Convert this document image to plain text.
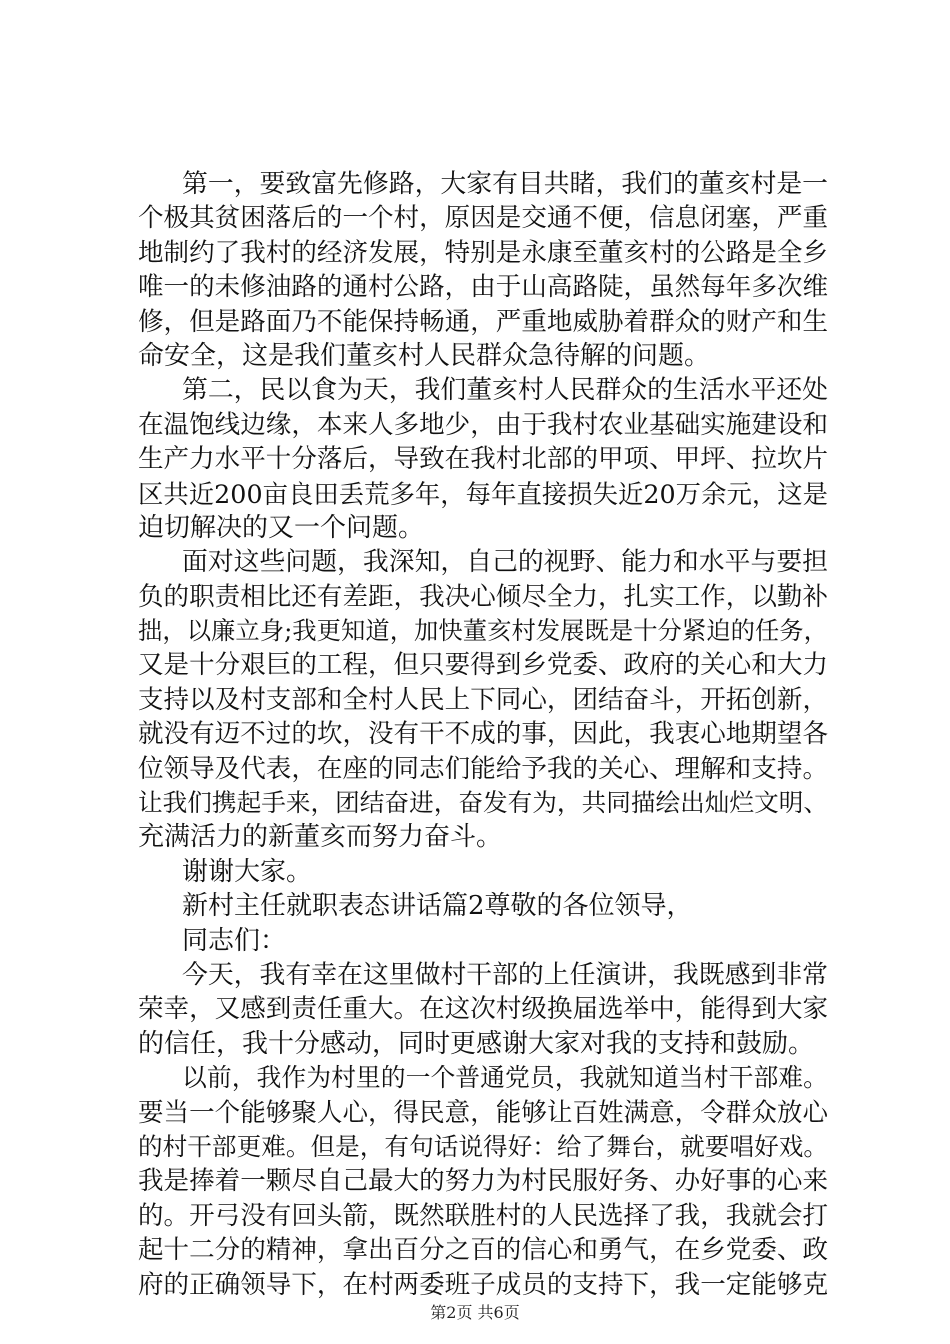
第一，要致富先修路，大家有目共睹，我们的董亥村是一
个极其贫困落后的一个村，原因是交通不便，信息闭塞，严重
地制约了我村的经济发展，特别是永康至董亥村的公路是全乡
唯一的未修油路的通村公路，由于山高路陡，虽然每年多次维
修，但是路面乃不能保持畅通，严重地威胁着群众的财产和生
命安全，这是我们董亥村人民群众急待解的问题。
第二，民以食为天，我们董亥村人民群众的生活水平还处
在温饱线边缘，本来人多地少，由于我村农业基础实施建设和
生产力水平十分落后，导致在我村北部的甲项、甲坪、拉坎片
区共近200亩良田丢荒多年，每年直接损失近20万余元，这是
迫切解决的又一个问题。
面对这些问题，我深知，自己的视野、能力和水平与要担
负的职责相比还有差距，我决心倾尽全力，扎实工作，以勤补
拙，以廉立身;我更知道，加快董亥村发展既是十分紧迫的任务，
又是十分艰巨的工程，但只要得到乡党委、政府的关心和大力
支持以及村支部和全村人民上下同心，团结奋斗，开拓创新，
就没有迈不过的坎，没有干不成的事，因此，我衷心地期望各
位领导及代表，在座的同志们能给予我的关心、理解和支持。
让我们携起手来，团结奋进，奋发有为，共同描绘出灿烂文明、
充满活力的新董亥而努力奋斗。
谢谢大家。
新村主任就职表态讲话篇2尊敬的各位领导，
同志们：
今天，我有幸在这里做村干部的上任演讲，我既感到非常
荣幸，又感到责任重大。在这次村级换届选举中，能得到大家
的信任，我十分感动，同时更感谢大家对我的支持和鼓励。
以前，我作为村里的一个普通党员，我就知道当村干部难。
要当一个能够聚人心，得民意，能够让百姓满意，令群众放心
的村干部更难。但是，有句话说得好：给了舞台，就要唱好戏。
我是捧着一颗尽自己最大的努力为村民服好务、办好事的心来
的。开弓没有回头箭，既然联胜村的人民选择了我，我就会打
起十二分的精神，拿出百分之百的信心和勇气，在乡党委、政
府的正确领导下，在村两委班子成员的支持下，我一定能够克
第2页 共6页
